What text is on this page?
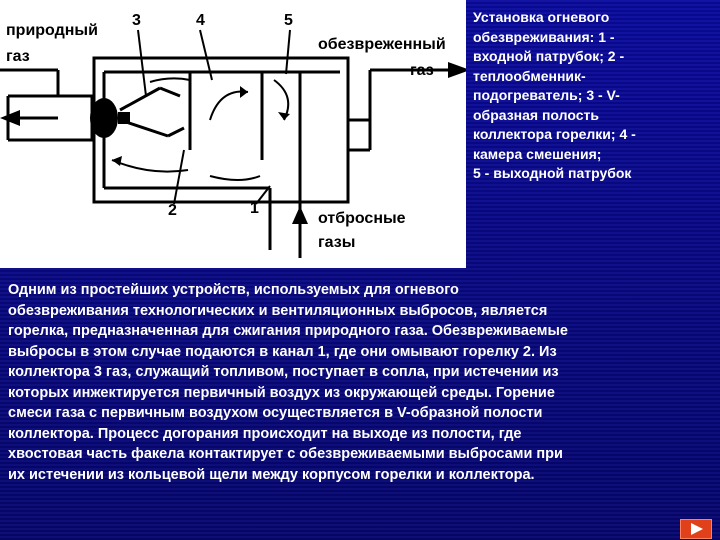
природный
газ
обезвреженный
газ
отбросные
газы
3	4	5
2	1
Установка огневого
обезвреживания: 1 -
входной патрубок; 2 -
теплообменник-
подогреватель; 3 - V-
образная полость
коллектора горелки; 4 -
камера смешения;
5 - выходной патрубок
Одним из простейших устройств, используемых для огневого
обезвреживания технологических и вентиляционных выбросов, является
горелка, предназначенная для сжигания природного газа. Обезвреживаемые
выбросы в этом случае подаются в канал 1, где они омывают горелку 2. Из
коллектора 3 газ, служащий топливом, поступает в сопла, при истечении из
которых инжектируется первичный воздух из окружающей среды. Горение
смеси газа с первичным воздухом осуществляется в V-образной полости
коллектора. Процесс догорания происходит на выходе из полости, где
хвостовая часть факела контактирует с обезвреживаемыми выбросами при
их истечении из кольцевой щели между корпусом горелки и коллектора.
